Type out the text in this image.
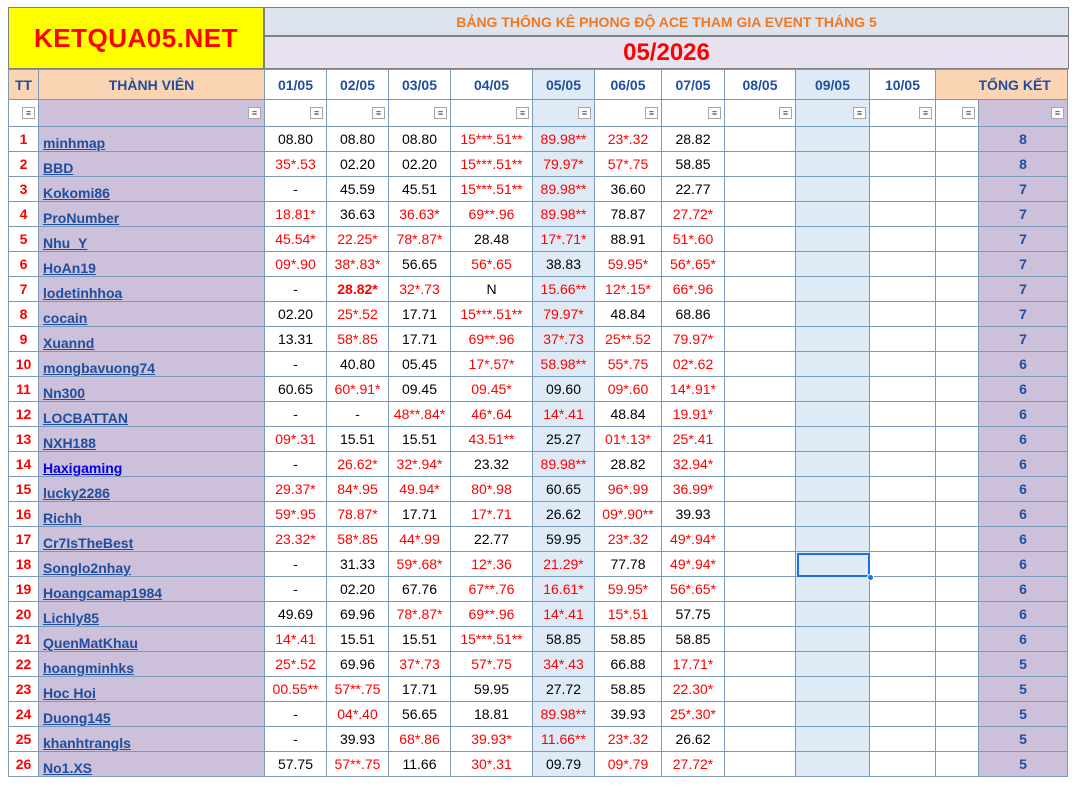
KETQUA05.NET
BẢNG THỐNG KÊ PHONG ĐỘ ACE THAM GIA EVENT THÁNG 5
05/2026
TT	THÀNH VIÊN	01/05	02/05	03/05	04/05	05/05	06/05	07/05	08/05	09/05	10/05		TỔNG KẾT

≡	≡	≡	≡	≡	≡	≡	≡	≡	≡	≡	≡	≡	≡

1	minhmap	08.80	08.80	08.80	15***.51**	89.98**	23*.32	28.82					8
2	BBD	35*.53	02.20	02.20	15***.51**	79.97*	57*.75	58.85					8
3	Kokomi86	-	45.59	45.51	15***.51**	89.98**	36.60	22.77					7
4	ProNumber	18.81*	36.63	36.63*	69**.96	89.98**	78.87	27.72*					7
5	Nhu_Y	45.54*	22.25*	78*.87*	28.48	17*.71*	88.91	51*.60					7
6	HoAn19	09*.90	38*.83*	56.65	56*.65	38.83	59.95*	56*.65*					7
7	lodetinhhoa	-	28.82*	32*.73	N	15.66**	12*.15*	66*.96					7
8	cocain	02.20	25*.52	17.71	15***.51**	79.97*	48.84	68.86					7
9	Xuannd	13.31	58*.85	17.71	69**.96	37*.73	25**.52	79.97*					7
10	mongbavuong74	-	40.80	05.45	17*.57*	58.98**	55*.75	02*.62					6
11	Nn300	60.65	60*.91*	09.45	09.45*	09.60	09*.60	14*.91*					6
12	LOCBATTAN	-	-	48**.84*	46*.64	14*.41	48.84	19.91*					6
13	NXH188	09*.31	15.51	15.51	43.51**	25.27	01*.13*	25*.41					6
14	Haxigaming	-	26.62*	32*.94*	23.32	89.98**	28.82	32.94*					6
15	lucky2286	29.37*	84*.95	49.94*	80*.98	60.65	96*.99	36.99*					6
16	Richh	59*.95	78.87*	17.71	17*.71	26.62	09*.90**	39.93					6
17	Cr7IsTheBest	23.32*	58*.85	44*.99	22.77	59.95	23*.32	49*.94*					6
18	Songlo2nhay	-	31.33	59*.68*	12*.36	21.29*	77.78	49*.94*					6
19	Hoangcamap1984	-	02.20	67.76	67**.76	16.61*	59.95*	56*.65*					6
20	Lichly85	49.69	69.96	78*.87*	69**.96	14*.41	15*.51	57.75					6
21	QuenMatKhau	14*.41	15.51	15.51	15***.51**	58.85	58.85	58.85					6
22	hoangminhks	25*.52	69.96	37*.73	57*.75	34*.43	66.88	17.71*					5
23	Hoc Hoi	00.55**	57**.75	17.71	59.95	27.72	58.85	22.30*					5
24	Duong145	-	04*.40	56.65	18.81	89.98**	39.93	25*.30*					5
25	khanhtrangls	-	39.93	68*.86	39.93*	11.66**	23*.32	26.62					5
26	No1.XS	57.75	57**.75	11.66	30*.31	09.79	09*.79	27.72*					5
